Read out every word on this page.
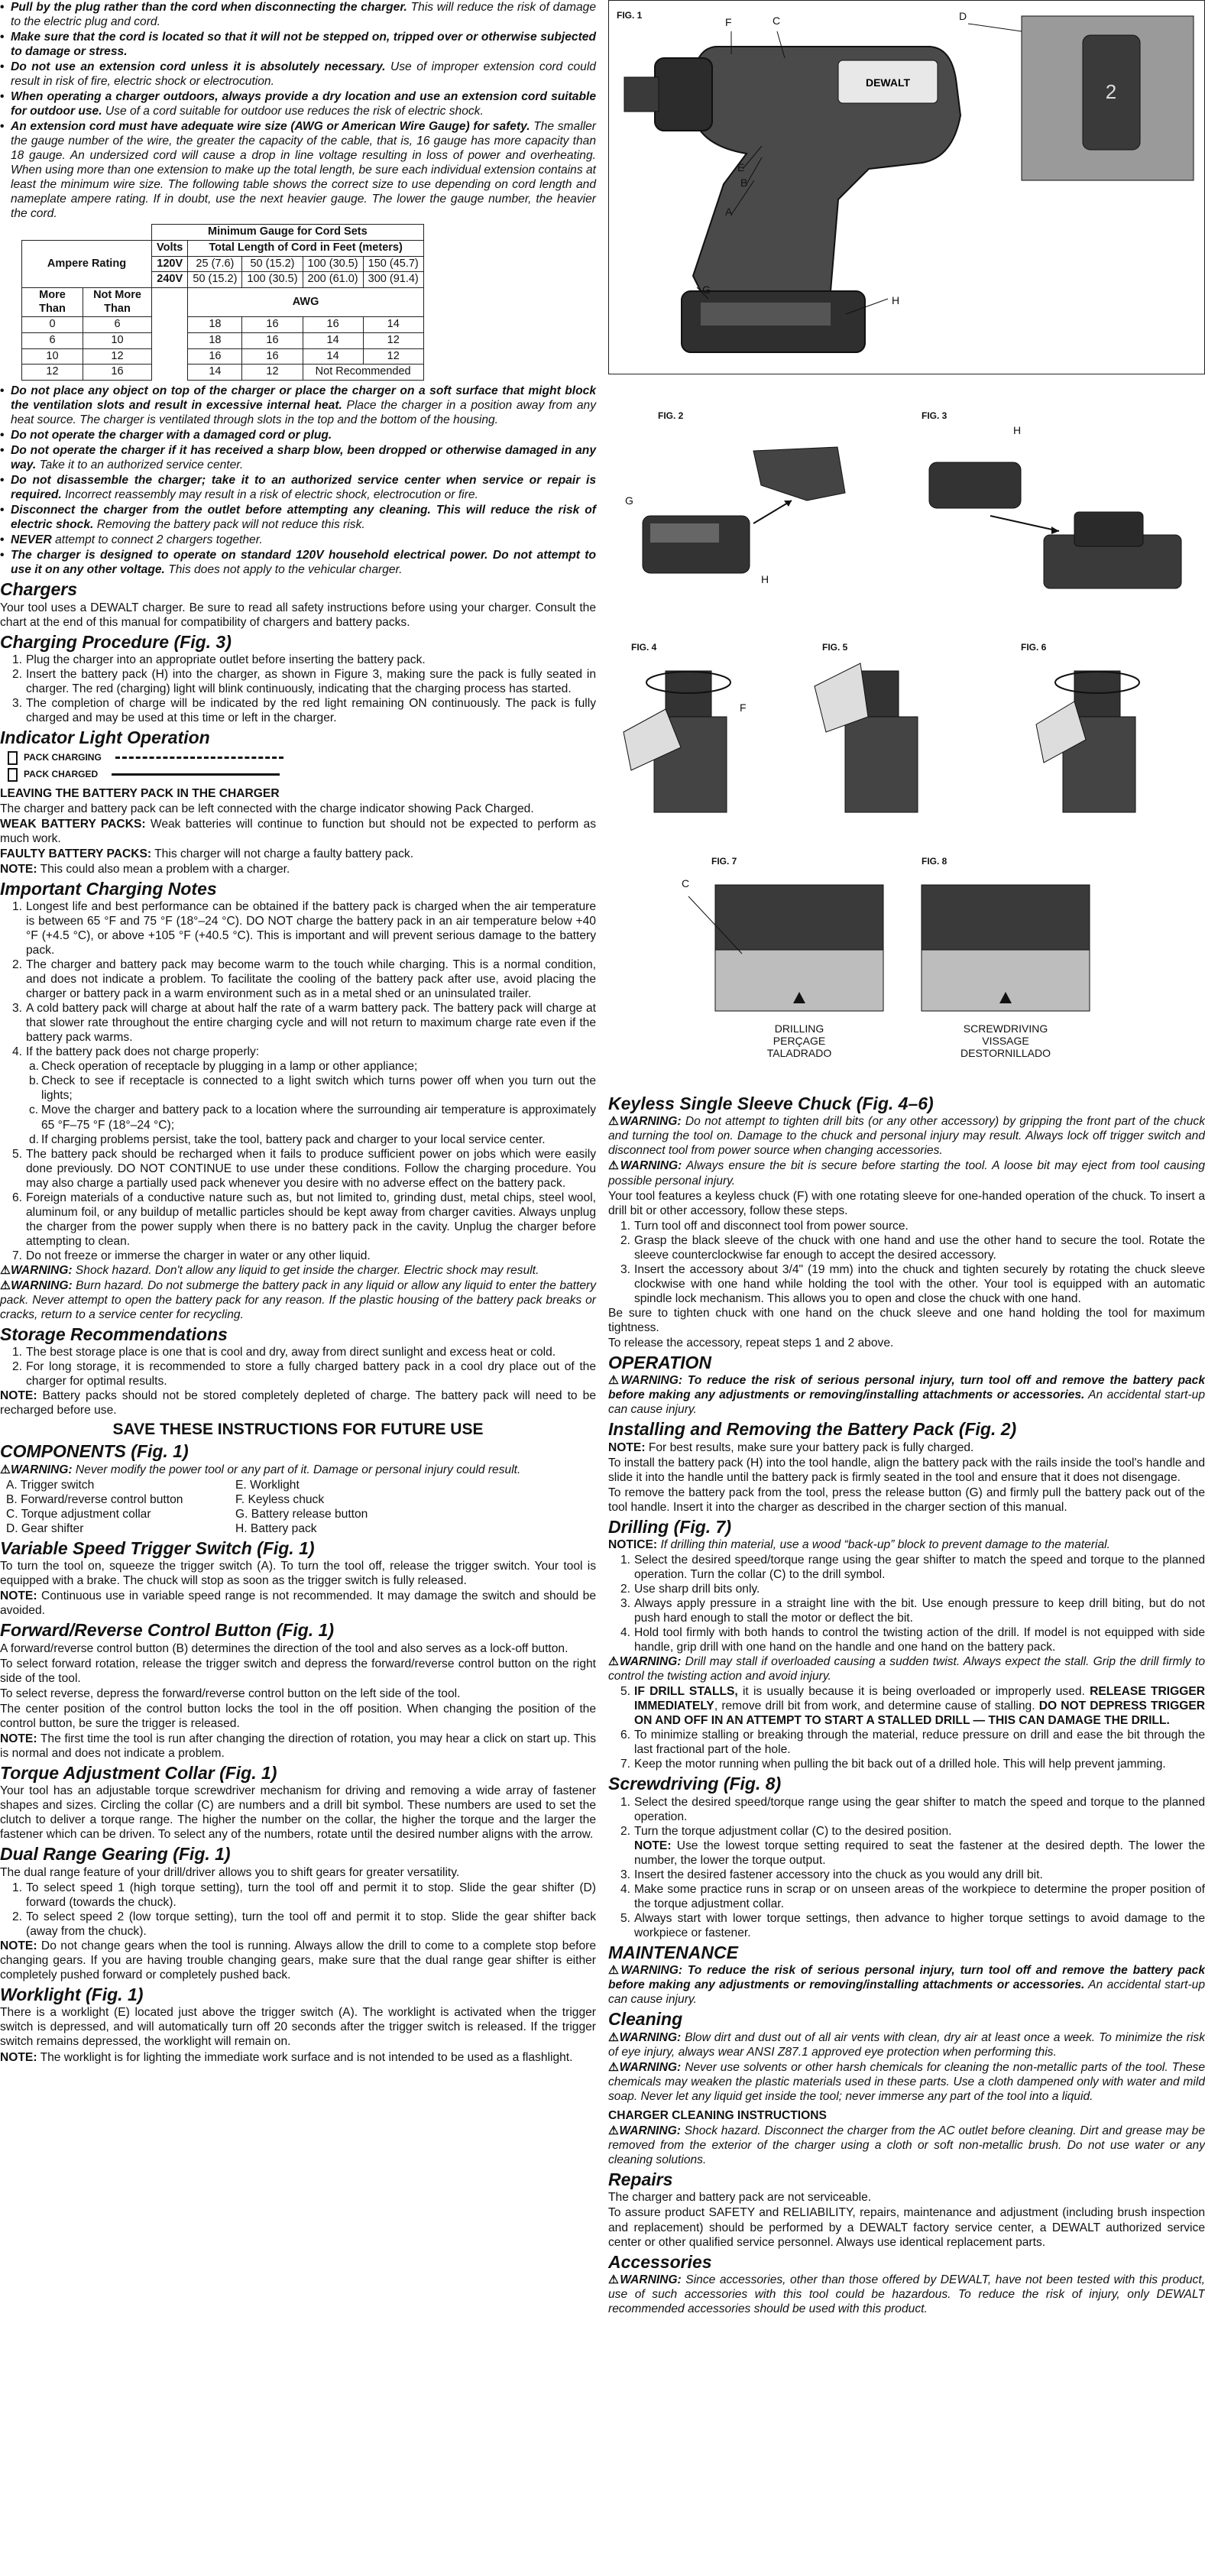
• Pull by the plug rather than the cord when disconnecting the charger. This will reduce the risk of damage to the electric plug and cord.
• Make sure that the cord is located so that it will not be stepped on, tripped over or otherwise subjected to damage or stress.
• Do not use an extension cord unless it is absolutely necessary. Use of improper extension cord could result in risk of fire, electric shock or electrocution.
• When operating a charger outdoors, always provide a dry location and use an extension cord suitable for outdoor use. Use of a cord suitable for outdoor use reduces the risk of electric shock.
• An extension cord must have adequate wire size (AWG or American Wire Gauge) for safety. The smaller the gauge number of the wire, the greater the capacity of the cable, that is, 16 gauge has more capacity than 18 gauge. An undersized cord will cause a drop in line voltage resulting in loss of power and overheating. When using more than one extension to make up the total length, be sure each individual extension contains at least the minimum wire size. The following table shows the correct size to use depending on cord length and nameplate ampere rating. If in doubt, use the next heavier gauge. The lower the gauge number, the heavier the cord.
		Minimum Gauge for Cord Sets				
Ampere Rating		Volts	Total Length of Cord in Feet (meters)			
		120V	25 (7.6)	50 (15.2)	100 (30.5)	150 (45.7)
		240V	50 (15.2)	100 (30.5)	200 (61.0)	300 (91.4)
More Than	Not More Than		AWG			
0	6		18	16	16	14
6	10		18	16	14	12
10	12		16	16	14	12
12	16		14	12	Not Recommended	
• Do not place any object on top of the charger or place the charger on a soft surface that might block the ventilation slots and result in excessive internal heat. Place the charger in a position away from any heat source. The charger is ventilated through slots in the top and the bottom of the housing.
• Do not operate the charger with a damaged cord or plug.
• Do not operate the charger if it has received a sharp blow, been dropped or otherwise damaged in any way. Take it to an authorized service center.
• Do not disassemble the charger; take it to an authorized service center when service or repair is required. Incorrect reassembly may result in a risk of electric shock, electrocution or fire.
• Disconnect the charger from the outlet before attempting any cleaning. This will reduce the risk of electric shock. Removing the battery pack will not reduce this risk.
• NEVER attempt to connect 2 chargers together.
• The charger is designed to operate on standard 120V household electrical power. Do not attempt to use it on any other voltage. This does not apply to the vehicular charger.
Chargers

Your tool uses a DEWALT charger. Be sure to read all safety instructions before using your charger. Consult the chart at the end of this manual for compatibility of chargers and battery packs.

Charging Procedure (Fig. 3)
1. Plug the charger into an appropriate outlet before inserting the battery pack.
2. Insert the battery pack (H) into the charger, as shown in Figure 3, making sure the pack is fully seated in charger. The red (charging) light will blink continuously, indicating that the charging process has started.
3. The completion of charge will be indicated by the red light remaining ON continuously. The pack is fully charged and may be used at this time or left in the charger.
Indicator Light Operation
PACK CHARGING
PACK CHARGED
LEAVING THE BATTERY PACK IN THE CHARGER

The charger and battery pack can be left connected with the charge indicator showing Pack Charged.

WEAK BATTERY PACKS: Weak batteries will continue to function but should not be expected to perform as much work.

FAULTY BATTERY PACKS: This charger will not charge a faulty battery pack.

NOTE: This could also mean a problem with a charger.

Important Charging Notes
1. Longest life and best performance can be obtained if the battery pack is charged when the air temperature is between 65 °F and 75 °F (18°–24 °C). DO NOT charge the battery pack in an air temperature below +40 °F (+4.5 °C), or above +105 °F (+40.5 °C). This is important and will prevent serious damage to the battery pack.
2. The charger and battery pack may become warm to the touch while charging. This is a normal condition, and does not indicate a problem. To facilitate the cooling of the battery pack after use, avoid placing the charger or battery pack in a warm environment such as in a metal shed or an uninsulated trailer.
3. A cold battery pack will charge at about half the rate of a warm battery pack. The battery pack will charge at that slower rate throughout the entire charging cycle and will not return to maximum charge rate even if the battery pack warms.
4. If the battery pack does not charge properly:
a. Check operation of receptacle by plugging in a lamp or other appliance;
b. Check to see if receptacle is connected to a light switch which turns power off when you turn out the lights;
c. Move the charger and battery pack to a location where the surrounding air temperature is approximately 65 °F–75 °F (18°–24 °C);
d. If charging problems persist, take the tool, battery pack and charger to your local service center.
5. The battery pack should be recharged when it fails to produce sufficient power on jobs which were easily done previously. DO NOT CONTINUE to use under these conditions. Follow the charging procedure. You may also charge a partially used pack whenever you desire with no adverse effect on the battery pack.
6. Foreign materials of a conductive nature such as, but not limited to, grinding dust, metal chips, steel wool, aluminum foil, or any buildup of metallic particles should be kept away from charger cavities. Always unplug the charger from the power supply when there is no battery pack in the cavity. Unplug the charger before attempting to clean.
7. Do not freeze or immerse the charger in water or any other liquid.

⚠WARNING: Shock hazard. Don't allow any liquid to get inside the charger. Electric shock may result.

⚠WARNING: Burn hazard. Do not submerge the battery pack in any liquid or allow any liquid to enter the battery pack. Never attempt to open the battery pack for any reason. If the plastic housing of the battery pack breaks or cracks, return to a service center for recycling.

Storage Recommendations
1. The best storage place is one that is cool and dry, away from direct sunlight and excess heat or cold.
2. For long storage, it is recommended to store a fully charged battery pack in a cool dry place out of the charger for optimal results.

NOTE: Battery packs should not be stored completely depleted of charge. The battery pack will need to be recharged before use.

SAVE THESE INSTRUCTIONS FOR FUTURE USE
COMPONENTS (Fig. 1)

⚠WARNING: Never modify the power tool or any part of it. Damage or personal injury could result.

A. Trigger switch	E. Worklight
B. Forward/reverse control button	F. Keyless chuck
C. Torque adjustment collar	G. Battery release button
D. Gear shifter	H. Battery pack
Variable Speed Trigger Switch (Fig. 1)

To turn the tool on, squeeze the trigger switch (A). To turn the tool off, release the trigger switch. Your tool is equipped with a brake. The chuck will stop as soon as the trigger switch is fully released.

NOTE: Continuous use in variable speed range is not recommended. It may damage the switch and should be avoided.

Forward/Reverse Control Button (Fig. 1)

A forward/reverse control button (B) determines the direction of the tool and also serves as a lock-off button.

To select forward rotation, release the trigger switch and depress the forward/reverse control button on the right side of the tool.

To select reverse, depress the forward/reverse control button on the left side of the tool.

The center position of the control button locks the tool in the off position. When changing the position of the control button, be sure the trigger is released.

NOTE: The first time the tool is run after changing the direction of rotation, you may hear a click on start up. This is normal and does not indicate a problem.

Torque Adjustment Collar (Fig. 1)

Your tool has an adjustable torque screwdriver mechanism for driving and removing a wide array of fastener shapes and sizes. Circling the collar (C) are numbers and a drill bit symbol. These numbers are used to set the clutch to deliver a torque range. The higher the number on the collar, the higher the torque and the larger the fastener which can be driven. To select any of the numbers, rotate until the desired number aligns with the arrow.

Dual Range Gearing (Fig. 1)

The dual range feature of your drill/driver allows you to shift gears for greater versatility.

1. To select speed 1 (high torque setting), turn the tool off and permit it to stop. Slide the gear shifter (D) forward (towards the chuck).
2. To select speed 2 (low torque setting), turn the tool off and permit it to stop. Slide the gear shifter back (away from the chuck).

NOTE: Do not change gears when the tool is running. Always allow the drill to come to a complete stop before changing gears. If you are having trouble changing gears, make sure that the dual range gear shifter is either completely pushed forward or completely pushed back.

Worklight (Fig. 1)

There is a worklight (E) located just above the trigger switch (A). The worklight is activated when the trigger switch is depressed, and will automatically turn off 20 seconds after the trigger switch is released. If the trigger switch remains depressed, the worklight will remain on.

NOTE: The worklight is for lighting the immediate work surface and is not intended to be used as a flashlight.

FIG. 1
DEWALT	2
F	C	D
E
B
A
G
H
FIG. 2	FIG. 3
G
H
H
FIG. 4	FIG. 5	FIG. 6
F
FIG. 7	FIG. 8
C
DRILLING
PERÇAGE
TALADRADO
SCREWDRIVING
VISSAGE
DESTORNILLADO
Keyless Single Sleeve Chuck (Fig. 4–6)

⚠WARNING: Do not attempt to tighten drill bits (or any other accessory) by gripping the front part of the chuck and turning the tool on. Damage to the chuck and personal injury may result. Always lock off trigger switch and disconnect tool from power source when changing accessories.

⚠WARNING: Always ensure the bit is secure before starting the tool. A loose bit may eject from tool causing possible personal injury.

Your tool features a keyless chuck (F) with one rotating sleeve for one-handed operation of the chuck. To insert a drill bit or other accessory, follow these steps.

1. Turn tool off and disconnect tool from power source.
2. Grasp the black sleeve of the chuck with one hand and use the other hand to secure the tool. Rotate the sleeve counterclockwise far enough to accept the desired accessory.
3. Insert the accessory about 3/4" (19 mm) into the chuck and tighten securely by rotating the chuck sleeve clockwise with one hand while holding the tool with the other. Your tool is equipped with an automatic spindle lock mechanism. This allows you to open and close the chuck with one hand.

Be sure to tighten chuck with one hand on the chuck sleeve and one hand holding the tool for maximum tightness.

To release the accessory, repeat steps 1 and 2 above.

OPERATION

⚠WARNING: To reduce the risk of serious personal injury, turn tool off and remove the battery pack before making any adjustments or removing/installing attachments or accessories. An accidental start-up can cause injury.

Installing and Removing the Battery Pack (Fig. 2)

NOTE: For best results, make sure your battery pack is fully charged.

To install the battery pack (H) into the tool handle, align the battery pack with the rails inside the tool's handle and slide it into the handle until the battery pack is firmly seated in the tool and ensure that it does not disengage.

To remove the battery pack from the tool, press the release button (G) and firmly pull the battery pack out of the tool handle. Insert it into the charger as described in the charger section of this manual.

Drilling (Fig. 7)

NOTICE: If drilling thin material, use a wood “back-up” block to prevent damage to the material.

1. Select the desired speed/torque range using the gear shifter to match the speed and torque to the planned operation. Turn the collar (C) to the drill symbol.
2. Use sharp drill bits only.
3. Always apply pressure in a straight line with the bit. Use enough pressure to keep drill biting, but do not push hard enough to stall the motor or deflect the bit.
4. Hold tool firmly with both hands to control the twisting action of the drill. If model is not equipped with side handle, grip drill with one hand on the handle and one hand on the battery pack.

⚠WARNING: Drill may stall if overloaded causing a sudden twist. Always expect the stall. Grip the drill firmly to control the twisting action and avoid injury.

5. IF DRILL STALLS, it is usually because it is being overloaded or improperly used. RELEASE TRIGGER IMMEDIATELY, remove drill bit from work, and determine cause of stalling. DO NOT DEPRESS TRIGGER ON AND OFF IN AN ATTEMPT TO START A STALLED DRILL — THIS CAN DAMAGE THE DRILL.
6. To minimize stalling or breaking through the material, reduce pressure on drill and ease the bit through the last fractional part of the hole.
7. Keep the motor running when pulling the bit back out of a drilled hole. This will help prevent jamming.
Screwdriving (Fig. 8)
1. Select the desired speed/torque range using the gear shifter to match the speed and torque to the planned operation.
2. Turn the torque adjustment collar (C) to the desired position.
NOTE: Use the lowest torque setting required to seat the fastener at the desired depth. The lower the number, the lower the torque output.
3. Insert the desired fastener accessory into the chuck as you would any drill bit.
4. Make some practice runs in scrap or on unseen areas of the workpiece to determine the proper position of the torque adjustment collar.
5. Always start with lower torque settings, then advance to higher torque settings to avoid damage to the workpiece or fastener.
MAINTENANCE

⚠WARNING: To reduce the risk of serious personal injury, turn tool off and remove the battery pack before making any adjustments or removing/installing attachments or accessories. An accidental start-up can cause injury.

Cleaning

⚠WARNING: Blow dirt and dust out of all air vents with clean, dry air at least once a week. To minimize the risk of eye injury, always wear ANSI Z87.1 approved eye protection when performing this.

⚠WARNING: Never use solvents or other harsh chemicals for cleaning the non-metallic parts of the tool. These chemicals may weaken the plastic materials used in these parts. Use a cloth dampened only with water and mild soap. Never let any liquid get inside the tool; never immerse any part of the tool into a liquid.

CHARGER CLEANING INSTRUCTIONS

⚠WARNING: Shock hazard. Disconnect the charger from the AC outlet before cleaning. Dirt and grease may be removed from the exterior of the charger using a cloth or soft non-metallic brush. Do not use water or any cleaning solutions.

Repairs

The charger and battery pack are not serviceable.

To assure product SAFETY and RELIABILITY, repairs, maintenance and adjustment (including brush inspection and replacement) should be performed by a DEWALT factory service center, a DEWALT authorized service center or other qualified service personnel. Always use identical replacement parts.

Accessories

⚠WARNING: Since accessories, other than those offered by DEWALT, have not been tested with this product, use of such accessories with this tool could be hazardous. To reduce the risk of injury, only DEWALT recommended accessories should be used with this product.
